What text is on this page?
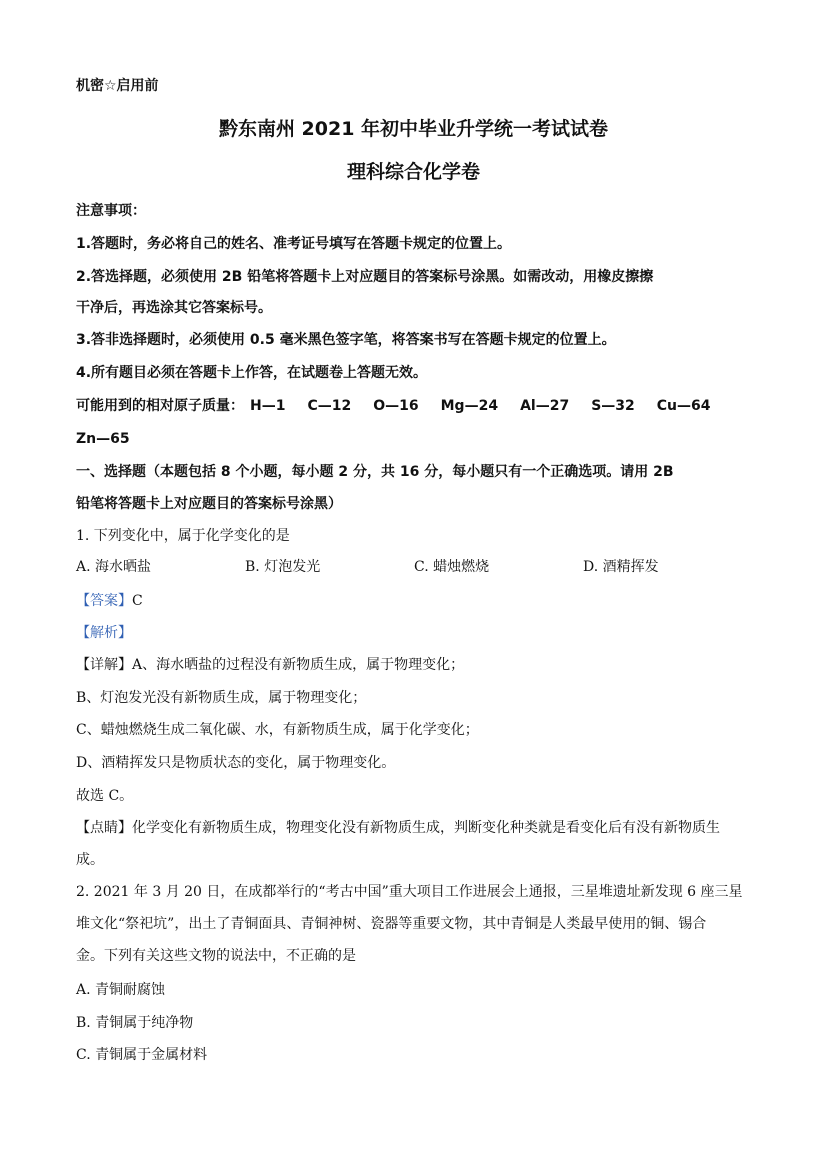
机密☆启用前
黔东南州 2021 年初中毕业升学统一考试试卷
理科综合化学卷
注意事项：
1.答题时，务必将自己的姓名、准考证号填写在答题卡规定的位置上。
2.答选择题，必须使用 2B 铅笔将答题卡上对应题目的答案标号涂黑。如需改动，用橡皮擦擦
干净后，再选涂其它答案标号。
3.答非选择题时，必须使用 0.5 毫米黑色签字笔，将答案书写在答题卡规定的位置上。
4.所有题目必须在答题卡上作答，在试题卷上答题无效。
可能用到的相对原子质量： H—1 C—12 O—16 Mg—24 Al—27 S—32 Cu—64
Zn—65
一、选择题（本题包括 8 个小题，每小题 2 分，共 16 分，每小题只有一个正确选项。请用 2B
铅笔将答题卡上对应题目的答案标号涂黑）
1. 下列变化中，属于化学变化的是
A. 海水晒盐	B. 灯泡发光	C. 蜡烛燃烧	D. 酒精挥发
【答案】C
【解析】
【详解】A、海水晒盐的过程没有新物质生成，属于物理变化；
B、灯泡发光没有新物质生成，属于物理变化；
C、蜡烛燃烧生成二氧化碳、水，有新物质生成，属于化学变化；
D、酒精挥发只是物质状态的变化，属于物理变化。
故选 C。
【点睛】化学变化有新物质生成，物理变化没有新物质生成，判断变化种类就是看变化后有没有新物质生
成。
2. 2021 年 3 月 20 日，在成都举行的“考古中国”重大项目工作进展会上通报，三星堆遗址新发现 6 座三星
堆文化“祭祀坑”，出土了青铜面具、青铜神树、瓷器等重要文物，其中青铜是人类最早使用的铜、锡合
金。下列有关这些文物的说法中，不正确的是
A. 青铜耐腐蚀
B. 青铜属于纯净物
C. 青铜属于金属材料
